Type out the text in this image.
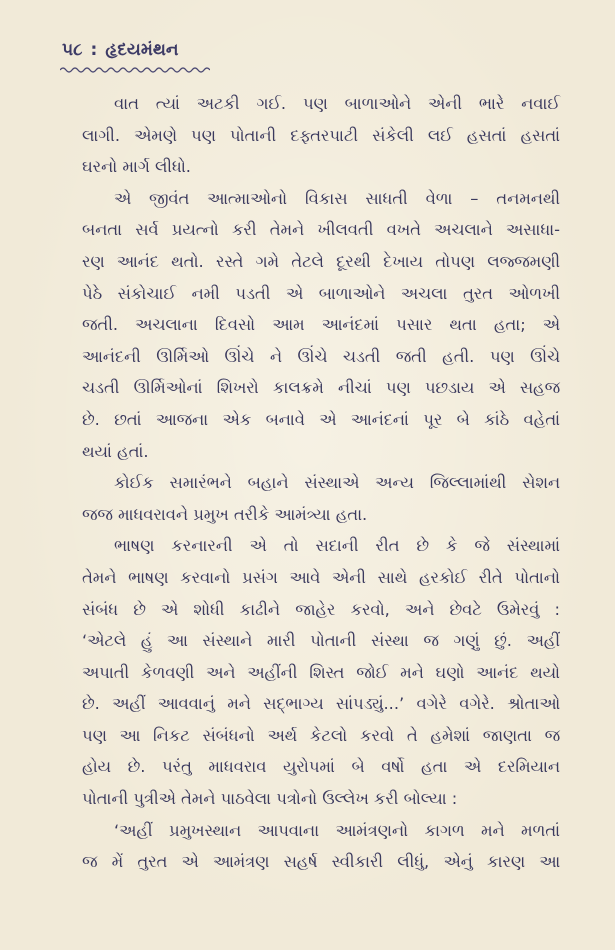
૫૮ : હૃદયમંથન
વાત ત્યાં અટકી ગઈ. પણ બાળાઓને એની ભારે નવાઈ
લાગી. એમણે પણ પોતાની દફ્તરપાટી સંકેલી લઈ હસતાં હસતાં
ઘરનો માર્ગ લીધો.
એ જીવંત આત્માઓનો વિકાસ સાધતી વેળા – તનમનથી
બનતા સર્વ પ્રયત્નો કરી તેમને ખીલવતી વખતે અચલાને અસાધા-
રણ આનંદ થતો. રસ્તે ગમે તેટલે દૂરથી દેખાય તોપણ લજ્જમણી
પેઠે સંકોચાઈ નમી પડતી એ બાળાઓને અચલા તુરત ઓળખી
જતી. અચલાના દિવસો આમ આનંદમાં પસાર થતા હતા; એ
આનંદની ઊર્મિઓ ઊંચે ને ઊંચે ચડતી જતી હતી. પણ ઊંચે
ચડતી ઊર્મિઓનાં શિખરો કાલક્રમે નીચાં પણ પછડાય એ સહજ
છે. છતાં આજના એક બનાવે એ આનંદનાં પૂર બે કાંઠે વહેતાં
થયાં હતાં.
કોઈક સમારંભને બહાને સંસ્થાએ અન્ય જિલ્લામાંથી સેશન
જજ માધવરાવને પ્રમુખ તરીકે આમંત્ર્યા હતા.
ભાષણ કરનારની એ તો સદાની રીત છે કે જે સંસ્થામાં
તેમને ભાષણ કરવાનો પ્રસંગ આવે એની સાથે હરકોઈ રીતે પોતાનો
સંબંધ છે એ શોધી કાઢીને જાહેર કરવો, અને છેવટે ઉમેરવું :
‘એટલે હું આ સંસ્થાને મારી પોતાની સંસ્થા જ ગણું છું. અહીં
અપાતી કેળવણી અને અહીંની શિસ્ત જોઈ મને ઘણો આનંદ થયો
છે. અહીં આવવાનું મને સદ્ભાગ્ય સાંપડ્યું...’ વગેરે વગેરે. શ્રોતાઓ
પણ આ નિકટ સંબંધનો અર્થ કેટલો કરવો તે હમેશાં જાણતા જ
હોય છે. પરંતુ માધવરાવ યુરોપમાં બે વર્ષો હતા એ દરમિયાન
પોતાની પુત્રીએ તેમને પાઠવેલા પત્રોનો ઉલ્લેખ કરી બોલ્યા :
‘અહીં પ્રમુખસ્થાન આપવાના આમંત્રણનો કાગળ મને મળતાં
જ મેં તુરત એ આમંત્રણ સહર્ષ સ્વીકારી લીધું, એનું કારણ આ
